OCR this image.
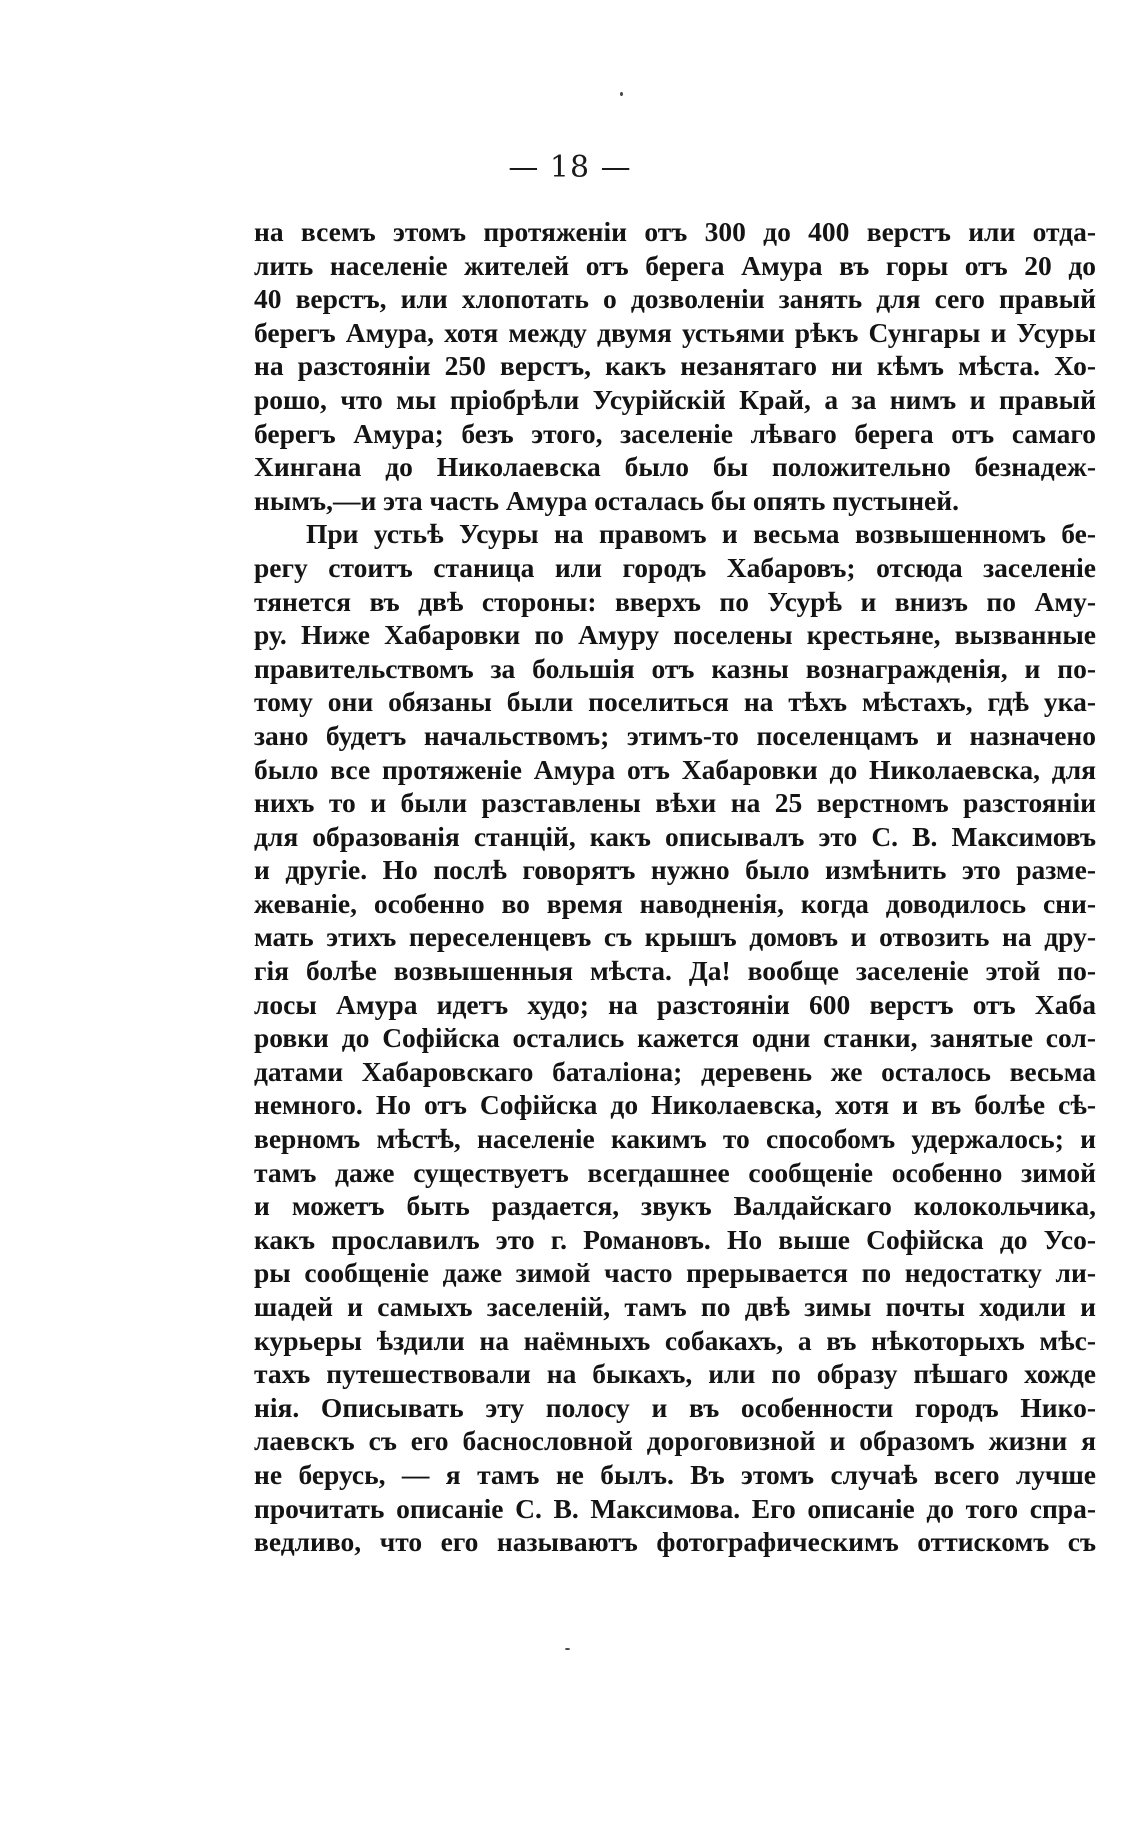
— 18 —
на всемъ этомъ протяженіи отъ 300 до 400 верстъ или отда-
лить населеніе жителей отъ берега Амура въ горы отъ 20 до
40 верстъ, или хлопотать о дозволеніи занять для сего правый
берегъ Амура, хотя между двумя устьями рѣкъ Сунгары и Усуры
на разстояніи 250 верстъ, какъ незанятаго ни кѣмъ мѣста. Хо-
рошо, что мы пріобрѣли Усурійскій Край, а за нимъ и правый
берегъ Амура; безъ этого, заселеніе лѣваго берега отъ самаго
Хингана до Николаевска было бы положительно безнадеж-
нымъ,—и эта часть Амура осталась бы опять пустыней.
При устьѣ Усуры на правомъ и весьма возвышенномъ бе-
регу стоитъ станица или городъ Хабаровъ; отсюда заселеніе
тянется въ двѣ стороны: вверхъ по Усурѣ и внизъ по Аму-
ру. Ниже Хабаровки по Амуру поселены крестьяне, вызванные
правительствомъ за большія отъ казны вознагражденія, и по-
тому они обязаны были поселиться на тѣхъ мѣстахъ, гдѣ ука-
зано будетъ начальствомъ; этимъ-то поселенцамъ и назначено
было все протяженіе Амура отъ Хабаровки до Николаевска, для
нихъ то и были разставлены вѣхи на 25 верстномъ разстояніи
для образованія станцій, какъ описывалъ это С. В. Максимовъ
и другіе. Но послѣ говорятъ нужно было измѣнить это разме-
жеваніе, особенно во время наводненія, когда доводилось сни-
мать этихъ переселенцевъ съ крышъ домовъ и отвозить на дру-
гія болѣе возвышенныя мѣста. Да! вообще заселеніе этой по-
лосы Амура идетъ худо; на разстояніи 600 верстъ отъ Хаба
ровки до Софійска остались кажется одни станки, занятые сол-
датами Хабаровскаго баталіона; деревень же осталось весьма
немного. Но отъ Софійска до Николаевска, хотя и въ болѣе сѣ-
верномъ мѣстѣ, населеніе какимъ то способомъ удержалось; и
тамъ даже существуетъ всегдашнее сообщеніе особенно зимой
и можетъ быть раздается, звукъ Валдайскаго колокольчика,
какъ прославилъ это г. Романовъ. Но выше Софійска до Усо-
ры сообщеніе даже зимой часто прерывается по недостатку ли-
шадей и самыхъ заселеній, тамъ по двѣ зимы почты ходили и
курьеры ѣздили на наёмныхъ собакахъ, а въ нѣкоторыхъ мѣс-
тахъ путешествовали на быкахъ, или по образу пѣшаго хожде
нія. Описывать эту полосу и въ особенности городъ Нико-
лаевскъ съ его баснословной дороговизной и образомъ жизни я
не берусь, — я тамъ не былъ. Въ этомъ случаѣ всего лучше
прочитать описаніе С. В. Максимова. Его описаніе до того спра-
ведливо, что его называютъ фотографическимъ оттискомъ съ
